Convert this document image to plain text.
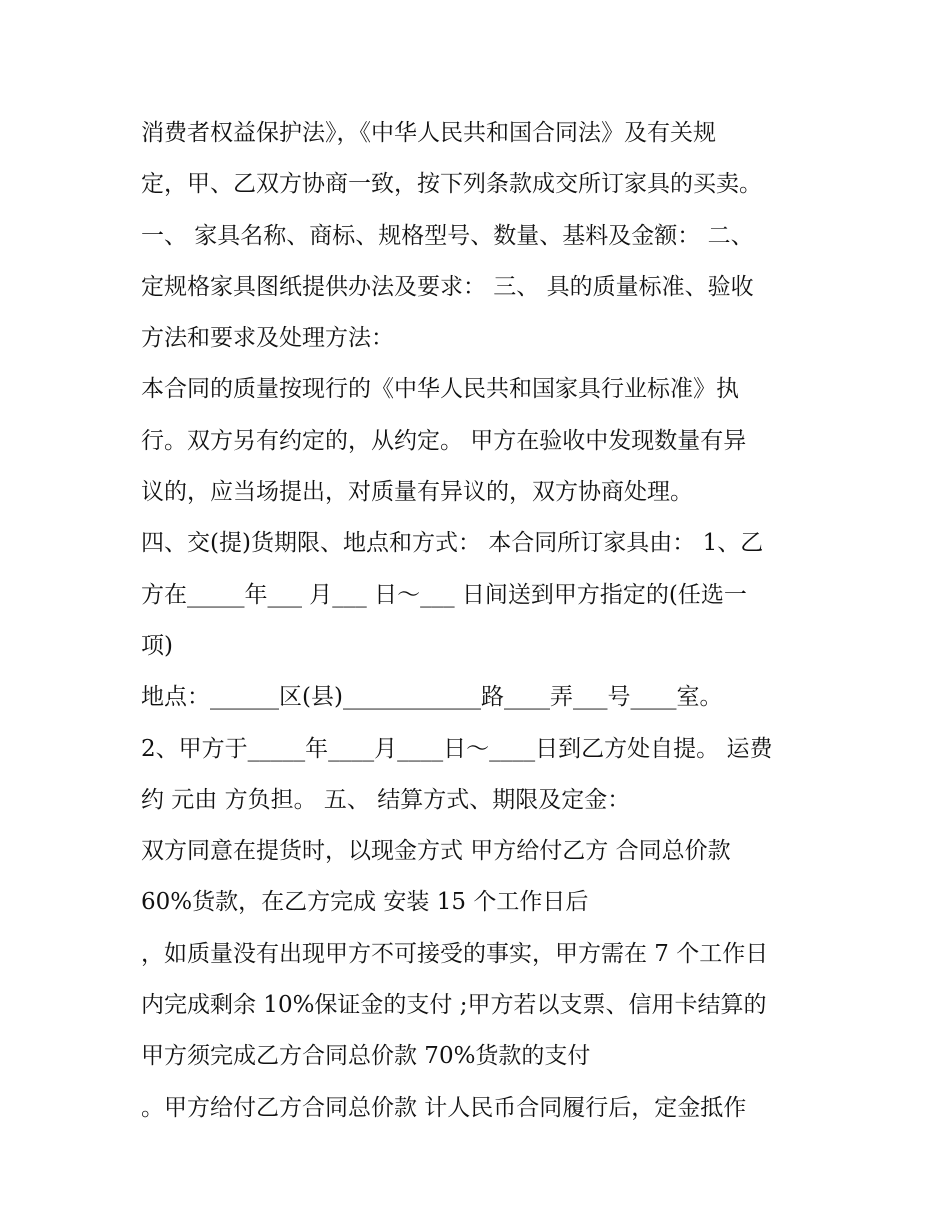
消费者权益保护法》，《中华人民共和国合同法》及有关规
定，甲、乙双方协商一致，按下列条款成交所订家具的买卖。
一、 家具名称、商标、规格型号、数量、基料及金额： 二、
定规格家具图纸提供办法及要求： 三、 具的质量标准、验收
方法和要求及处理方法：
本合同的质量按现行的《中华人民共和国家具行业标准》执
行。双方另有约定的，从约定。 甲方在验收中发现数量有异
议的，应当场提出，对质量有异议的，双方协商处理。
四、交(提)货期限、地点和方式： 本合同所订家具由： 1、乙
方在_____年___ 月___ 日～___ 日间送到甲方指定的(任选一
项)
地点：______区(县)____________路____弄___号____室。
2、甲方于_____年____月____日～____日到乙方处自提。 运费
约 元由 方负担。 五、 结算方式、期限及定金：
双方同意在提货时，以现金方式 甲方给付乙方 合同总价款
60%货款，在乙方完成 安装 15 个工作日后
，如质量没有出现甲方不可接受的事实，甲方需在 7 个工作日
内完成剩余 10%保证金的支付 ;甲方若以支票、信用卡结算的
甲方须完成乙方合同总价款 70%货款的支付
。甲方给付乙方合同总价款 计人民币合同履行后，定金抵作
